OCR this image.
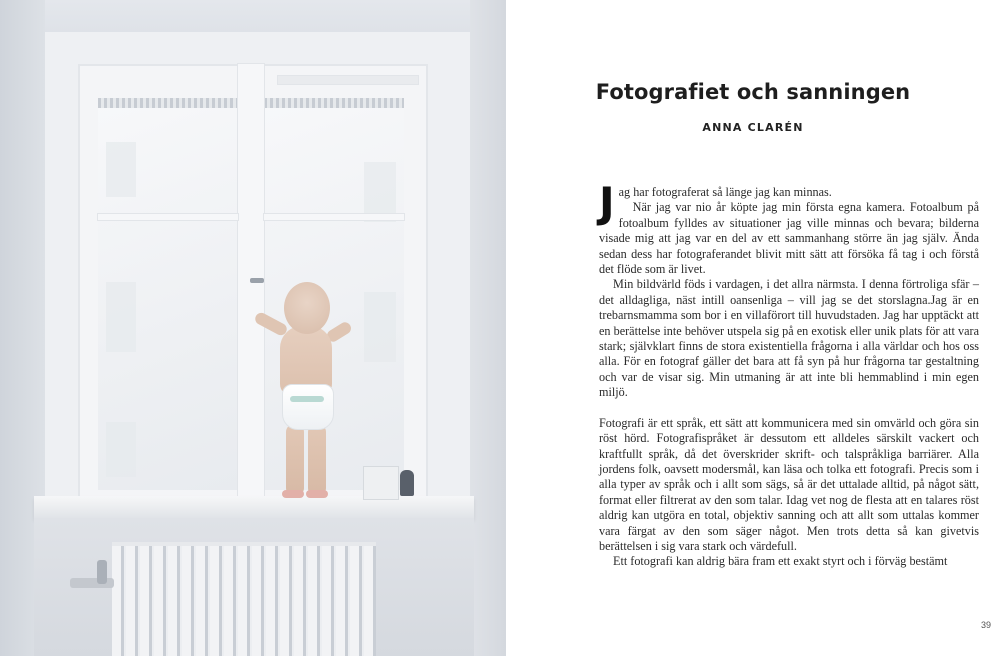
Fotografiet och sanningen

ANNA CLARÉN

Jag har fotograferat så länge jag kan minnas.

När jag var nio år köpte jag min första egna kamera. Fotoalbum på fotoalbum fylldes av situationer jag ville minnas och bevara; bilderna visade mig att jag var en del av ett sammanhang större än jag själv. Ända sedan dess har fotograferandet blivit mitt sätt att försöka få tag i och förstå det flöde som är livet.

Min bildvärld föds i vardagen, i det allra närmsta. I denna förtroliga sfär – det alldagliga, näst intill oansenliga – vill jag se det storslagna.Jag är en trebarnsmamma som bor i en villaförort till huvudstaden. Jag har upptäckt att en berättelse inte behöver utspela sig på en exotisk eller unik plats för att vara stark; självklart finns de stora existentiella frågorna i alla världar och hos oss alla. För en fotograf gäller det bara att få syn på hur frågorna tar gestaltning och var de visar sig. Min utmaning är att inte bli hemmablind i min egen miljö.

Fotografi är ett språk, ett sätt att kommunicera med sin omvärld och göra sin röst hörd. Fotografispråket är dessutom ett alldeles särskilt vackert och kraftfullt språk, då det överskrider skrift- och talspråkliga barriärer. Alla jordens folk, oavsett modersmål, kan läsa och tolka ett fotografi. Precis som i alla typer av språk och i allt som sägs, så är det uttalade alltid, på något sätt, format eller filtrerat av den som talar. Idag vet nog de flesta att en talares röst aldrig kan utgöra en total, objektiv sanning och att allt som uttalas kommer vara färgat av den som säger något. Men trots detta så kan givetvis berättelsen i sig vara stark och värdefull.

Ett fotografi kan aldrig bära fram ett exakt styrt och i förväg bestämt

39
